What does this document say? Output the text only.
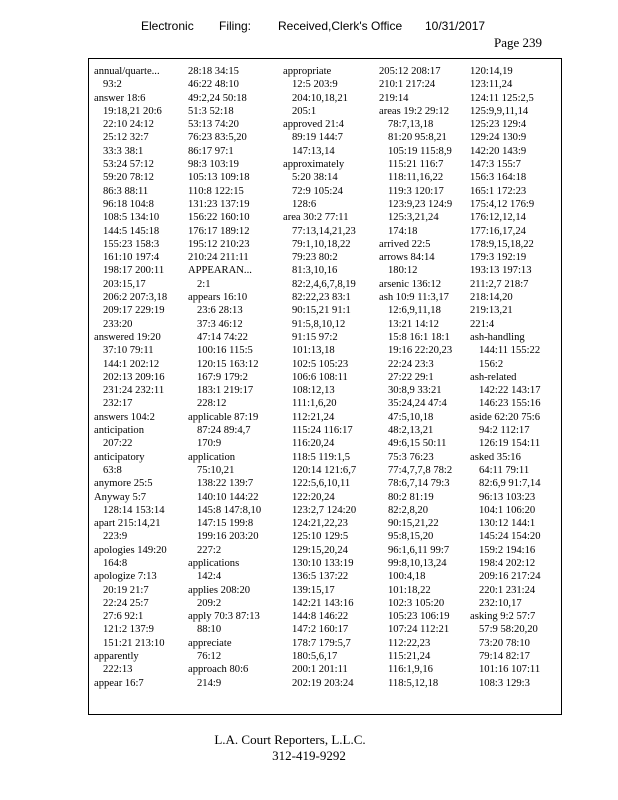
Electronic Filing: Received,Clerk's Office 10/31/2017
Page 239
annual/quarte...
93:2
answer 18:6
19:18,21 20:6
22:10 24:12
25:12 32:7
33:3 38:1
53:24 57:12
59:20 78:12
86:3 88:11
96:18 104:8
108:5 134:10
144:5 145:18
155:23 158:3
161:10 197:4
198:17 200:11
203:15,17
206:2 207:3,18
209:17 229:19
233:20
answered 19:20
37:10 79:11
144:1 202:12
202:13 209:16
231:24 232:11
232:17
answers 104:2
anticipation
207:22
anticipatory
63:8
anymore 25:5
Anyway 5:7
128:14 153:14
apart 215:14,21
223:9
apologies 149:20
164:8
apologize 7:13
20:19 21:7
22:24 25:7
27:6 92:1
121:2 137:9
151:21 213:10
apparently
222:13
appear 16:7
28:18 34:15
46:22 48:10
49:2,24 50:18
51:3 52:18
53:13 74:20
76:23 83:5,20
86:17 97:1
98:3 103:19
105:13 109:18
110:8 122:15
131:23 137:19
156:22 160:10
176:17 189:12
195:12 210:23
210:24 211:11
APPEARAN...
2:1
appears 16:10
23:6 28:13
37:3 46:12
47:14 74:22
100:16 115:5
120:15 163:12
167:9 179:2
183:1 219:17
228:12
applicable 87:19
87:24 89:4,7
170:9
application
75:10,21
138:22 139:7
140:10 144:22
145:8 147:8,10
147:15 199:8
199:16 203:20
227:2
applications
142:4
applies 208:20
209:2
apply 70:3 87:13
88:10
appreciate
76:12
approach 80:6
214:9
appropriate
12:5 203:9
204:10,18,21
205:1
approved 21:4
89:19 144:7
147:13,14
approximately
5:20 38:14
72:9 105:24
128:6
area 30:2 77:11
77:13,14,21,23
79:1,10,18,22
79:23 80:2
81:3,10,16
82:2,4,6,7,8,19
82:22,23 83:1
90:15,21 91:1
91:5,8,10,12
91:15 97:2
101:13,18
102:5 105:23
106:6 108:11
108:12,13
111:1,6,20
112:21,24
115:24 116:17
116:20,24
118:5 119:1,5
120:14 121:6,7
122:5,6,10,11
122:20,24
123:2,7 124:20
124:21,22,23
125:10 129:5
129:15,20,24
130:10 133:19
136:5 137:22
139:15,17
142:21 143:16
144:8 146:22
147:2 160:17
178:7 179:5,7
180:5,6,17
200:1 201:11
202:19 203:24
205:12 208:17
210:1 217:24
219:14
areas 19:2 29:12
78:7,13,18
81:20 95:8,21
105:19 115:8,9
115:21 116:7
118:11,16,22
119:3 120:17
123:9,23 124:9
125:3,21,24
174:18
arrived 22:5
arrows 84:14
180:12
arsenic 136:12
ash 10:9 11:3,17
12:6,9,11,18
13:21 14:12
15:8 16:1 18:1
19:16 22:20,23
22:24 23:3
27:22 29:1
30:8,9 33:21
35:24,24 47:4
47:5,10,18
48:2,13,21
49:6,15 50:11
75:3 76:23
77:4,7,7,8 78:2
78:6,7,14 79:3
80:2 81:19
82:2,8,20
90:15,21,22
95:8,15,20
96:1,6,11 99:7
99:8,10,13,24
100:4,18
101:18,22
102:3 105:20
105:23 106:19
107:24 112:21
112:22,23
115:21,24
116:1,9,16
118:5,12,18
120:14,19
123:11,24
124:11 125:2,5
125:9,9,11,14
125:23 129:4
129:24 130:9
142:20 143:9
147:3 155:7
156:3 164:18
165:1 172:23
175:4,12 176:9
176:12,12,14
177:16,17,24
178:9,15,18,22
179:3 192:19
193:13 197:13
211:2,7 218:7
218:14,20
219:13,21
221:4
ash-handling
144:11 155:22
156:2
ash-related
142:22 143:17
146:23 155:16
aside 62:20 75:6
94:2 112:17
126:19 154:11
asked 35:16
64:11 79:11
82:6,9 91:7,14
96:13 103:23
104:1 106:20
130:12 144:1
145:24 154:20
159:2 194:16
198:4 202:12
209:16 217:24
220:1 231:24
232:10,17
asking 9:2 57:7
57:9 58:20,20
73:20 78:10
79:14 82:17
101:16 107:11
108:3 129:3
L.A. Court Reporters, L.L.C.
312-419-9292
